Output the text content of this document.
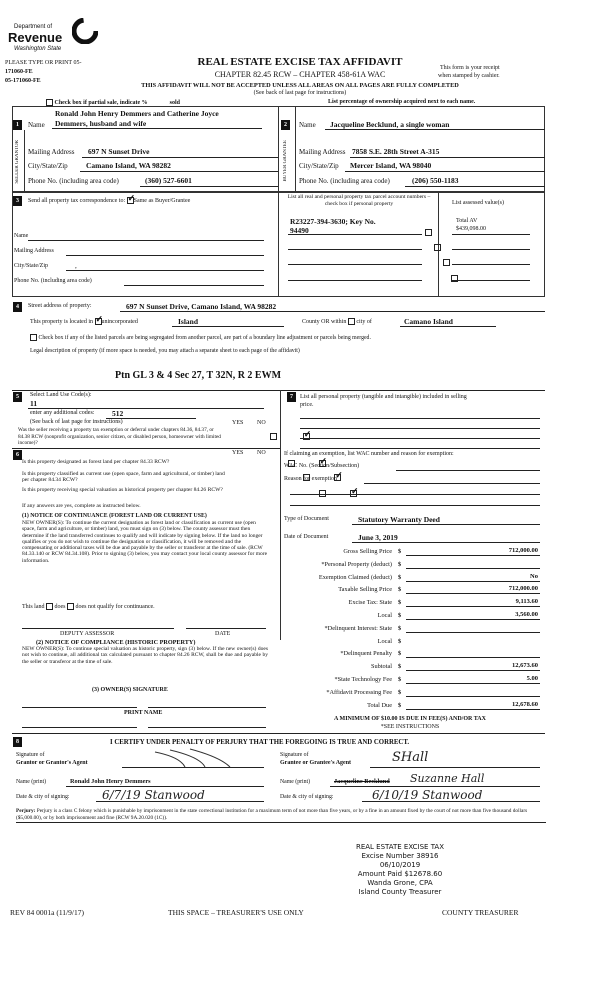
Department of
Revenue
Washington State
PLEASE TYPE OR PRINT 05-
171060-FE
05-171060-FE
REAL ESTATE EXCISE TAX AFFIDAVIT
CHAPTER 82.45 RCW – CHAPTER 458-61A WAC
This form is your receipt
when stamped by cashier.
THIS AFFIDAVIT WILL NOT BE ACCEPTED UNLESS ALL AREAS ON ALL PAGES ARE FULLY COMPLETED
(See back of last page for instructions)
Check box if partial sale, indicate %	sold	List percentage of ownership acquired next to each name.
1
SELLER GRANTOR
Name
Ronald John Henry Demmers and Catherine Joyce
Demmers, husband and wife
Mailing Address 697 N Sunset Drive
City/State/Zip Camano Island, WA 98282
Phone No. (including area code)	(360) 527-6601
2
BUYER GRANTEE
Name Jacqueline Becklund, a single woman
Mailing Address 7858 S.E. 28th Street A-315
City/State/Zip Mercer Island, WA 98040
Phone No. (including area code)	(206) 550-1183
3	Send all property tax correspondence to: ✓ Same as Buyer/Grantee
Name
Mailing Address
City/State/Zip	,
Phone No. (including area code)
List all real and personal property tax parcel account numbers – check box if personal property
R23227-394-3630; Key No.
94490

List assessed value(s)
Total AV
$439,098.00
4	Street address of property:	697 N Sunset Drive, Camano Island, WA 98282
This property is located in ✓ unincorporated	Island	County OR within city of	Camano Island
Check box if any of the listed parcels are being segregated from another parcel, are part of a boundary line adjustment or parcels being merged.
Legal description of property (if more space is needed, you may attach a separate sheet to each page of the affidavit)
Ptn GL 3 & 4 Sec 27, T 32N, R 2 EWM
5	Select Land Use Code(s):
11
enter any additional codes: 512
(See back of last page for instructions)	YES NO
Was the seller receiving a property tax exemption or deferral under chapters 84.36, 84.37, or 84.38 RCW (nonprofit organization, senior citizen, or disabled person, homeowner with limited income)?
✓
6	YES NO
Is this property designated as forest land per chapter 84.33 RCW?
✓
Is this property classified as current use (open space, farm and agricultural, or timber) land per chapter 84.34 RCW?
✓
Is this property receiving special valuation as historical property per chapter 84.26 RCW?
✓
If any answers are yes, complete as instructed below.
(1) NOTICE OF CONTINUANCE (FOREST LAND OR CURRENT USE)
NEW OWNER(S): To continue the current designation as forest land or classification as current use (open space, farm and agriculture, or timber) land, you must sign on (3) below. The county assessor must then determine if the land transferred continues to qualify and will indicate by signing below. If the land no longer qualifies or you do not wish to continue the designation or classification, it will be removed and the compensating or additional taxes will be due and payable by the seller or transferor at the time of sale. (RCW 84.33.140 or RCW 84.34.108). Prior to signing (3) below, you may contact your local county assessor for more information.
This land does does not qualify for continuance.
DEPUTY ASSESSOR	DATE
(2) NOTICE OF COMPLIANCE (HISTORIC PROPERTY)
NEW OWNER(S): To continue special valuation as historic property, sign (3) below. If the new owner(s) does not wish to continue, all additional tax calculated pursuant to chapter 84.26 RCW, shall be due and payable by the seller or transferor at the time of sale.
(3) OWNER(S) SIGNATURE
PRINT NAME
7	List all personal property (tangible and intangible) included in selling price.
If claiming an exemption, list WAC number and reason for exemption:
WAC No. (Section/Subsection)
Reason for exemption
Type of Document	Statutory Warranty Deed
Date of Document	June 3, 2019
Gross Selling Price $	712,000.00
*Personal Property (deduct) $
Exemption Claimed (deduct) $	No
Taxable Selling Price $	712,000.00
Excise Tax: State $	9,113.60
Local $	3,560.00
*Delinquent Interest: State $
Local $
*Delinquent Penalty $
Subtotal $	12,673.60
*State Technology Fee $	5.00
*Affidavit Processing Fee $
Total Due $	12,678.60
A MINIMUM OF $10.00 IS DUE IN FEE(S) AND/OR TAX
*SEE INSTRUCTIONS
8	I CERTIFY UNDER PENALTY OF PERJURY THAT THE FOREGOING IS TRUE AND CORRECT.
Signature of
Grantor or Grantor's Agent
Signature of
Grantee or Grantee's Agent	SHall
Name (print)	Ronald John Henry Demmers	Name (print)	Jacqueline Becklund Suzanne Hall
Date & city of signing:	6/7/19 Stanwood	Date & city of signing:	6/10/19 Stanwood
Perjury: Perjury is a class C felony which is punishable by imprisonment in the state correctional institution for a maximum term of not more than five years, or by a fine in an amount fixed by the court of not more than five thousand dollars ($5,000.00), or by both imprisonment and fine (RCW 9A.20.020 (1C)).
REAL ESTATE EXCISE TAX
Excise Number 38916
06/10/2019
Amount Paid $12678.60
Wanda Grone, CPA
Island County Treasurer
REV 84 0001a (11/9/17)	THIS SPACE – TREASURER'S USE ONLY	COUNTY TREASURER
